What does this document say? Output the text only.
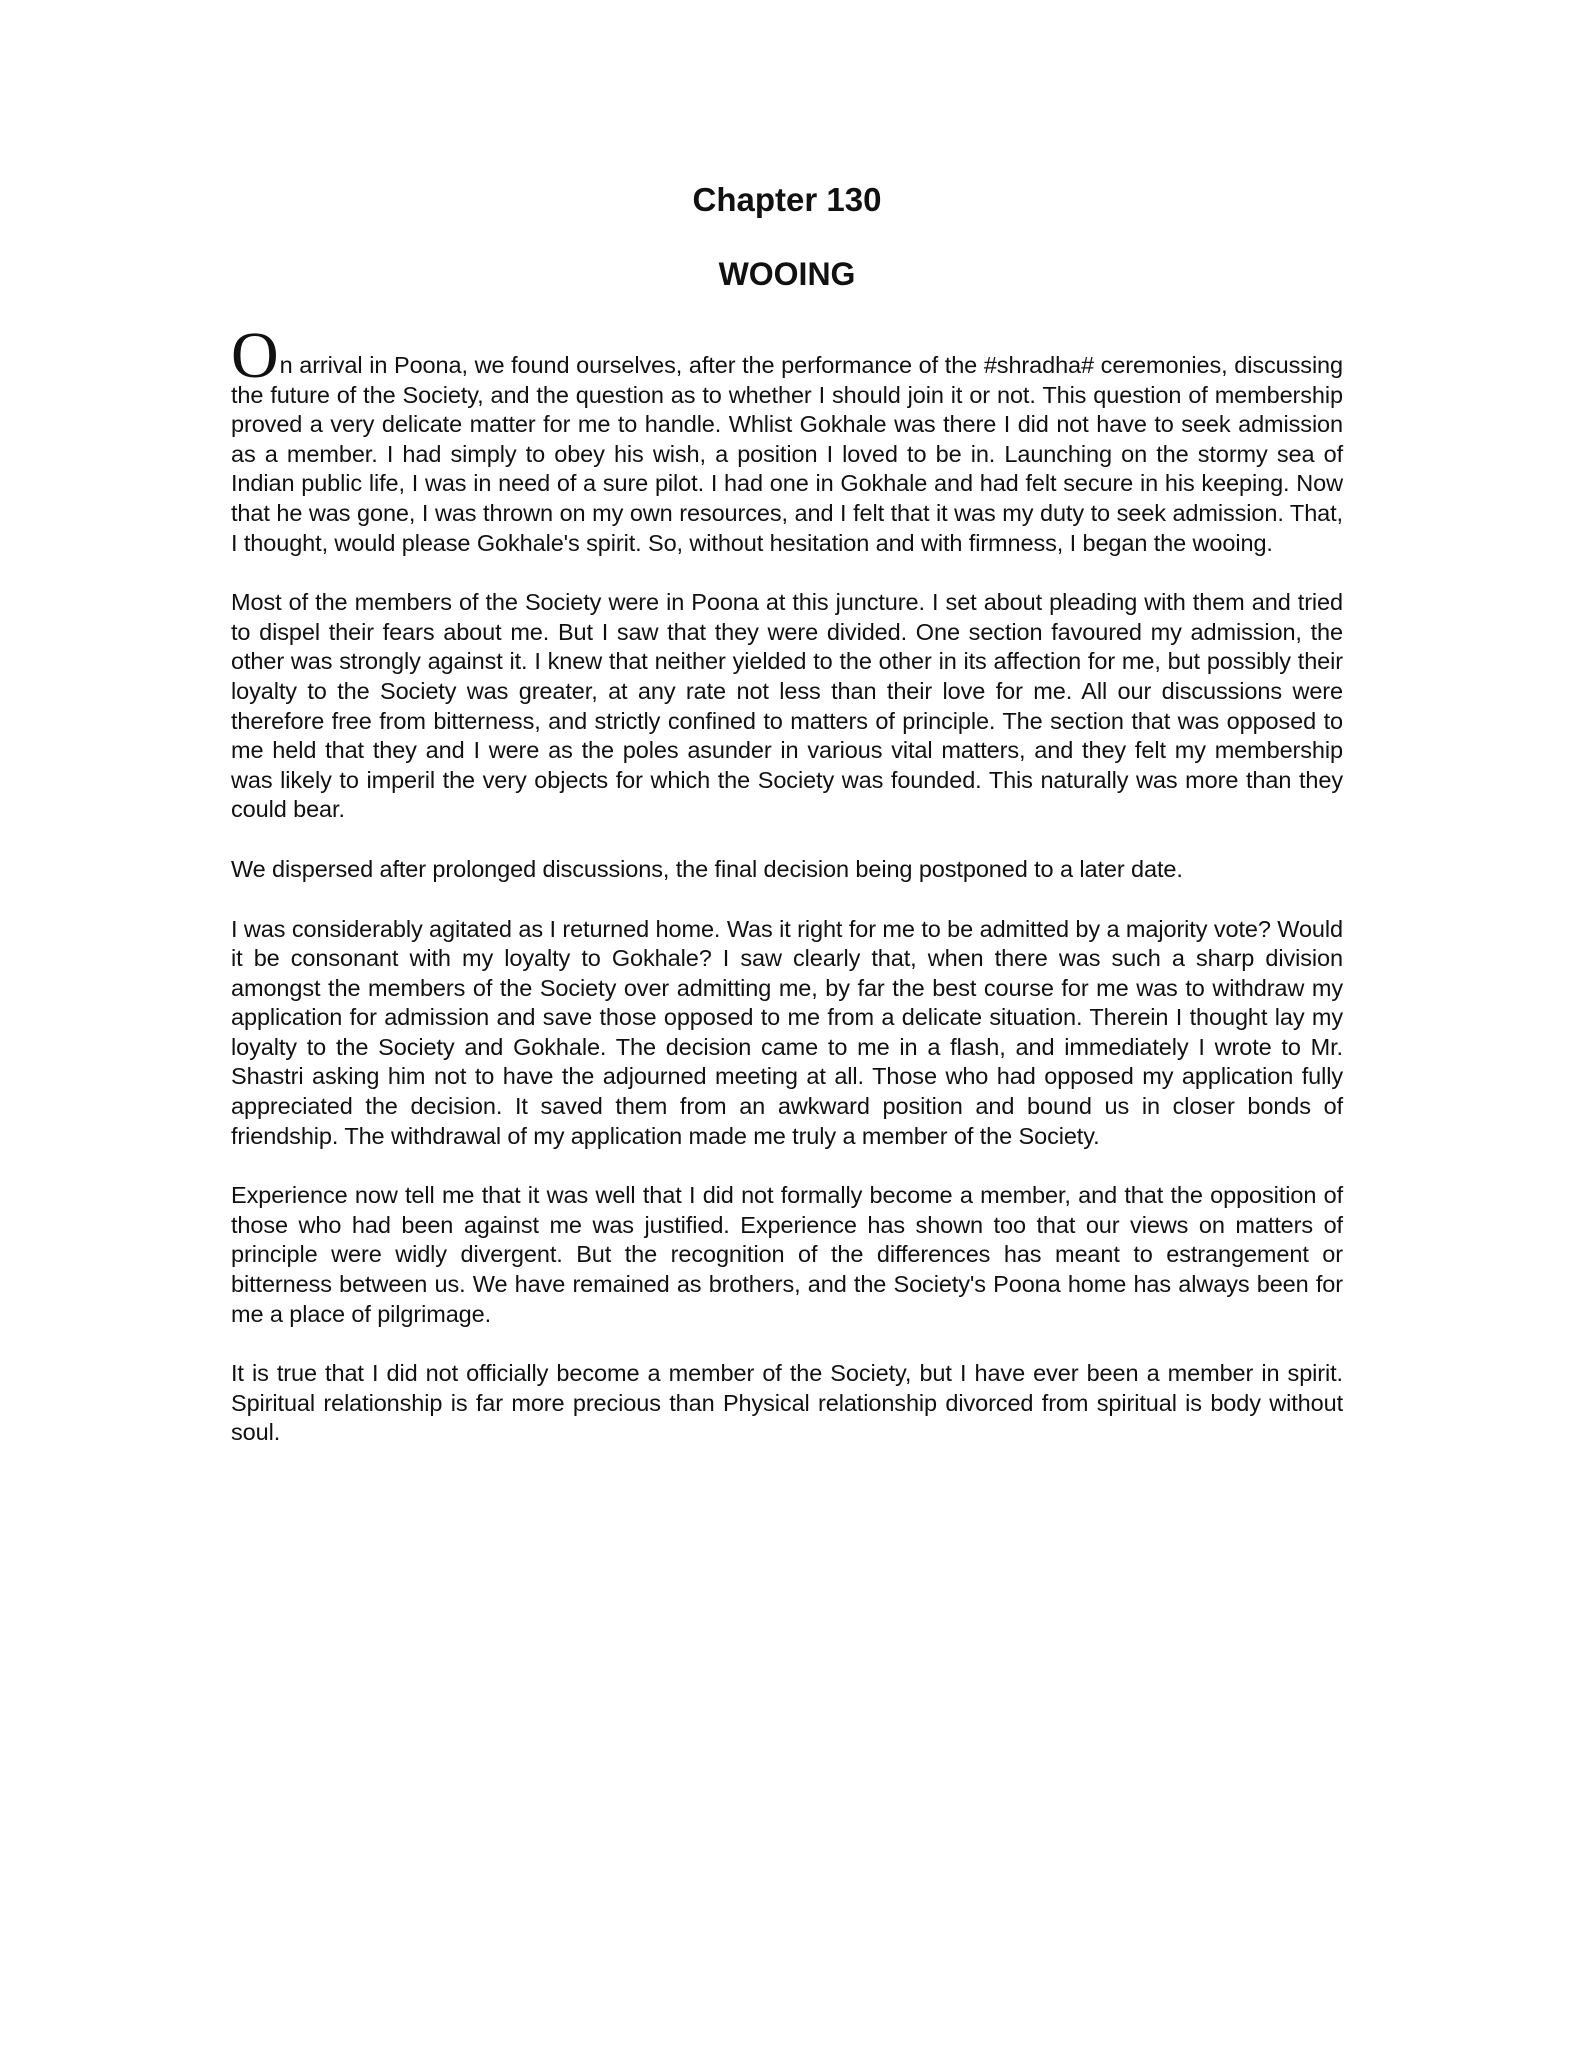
Chapter 130
WOOING

On arrival in Poona, we found ourselves, after the performance of the #shradha# ceremonies, discussing the future of the Society, and the question as to whether I should join it or not. This question of membership proved a very delicate matter for me to handle. Whlist Gokhale was there I did not have to seek admission as a member. I had simply to obey his wish, a position I loved to be in. Launching on the stormy sea of Indian public life, I was in need of a sure pilot. I had one in Gokhale and had felt secure in his keeping. Now that he was gone, I was thrown on my own resources, and I felt that it was my duty to seek admission. That, I thought, would please Gokhale's spirit. So, without hesitation and with firmness, I began the wooing.

Most of the members of the Society were in Poona at this juncture. I set about pleading with them and tried to dispel their fears about me. But I saw that they were divided. One section favoured my admission, the other was strongly against it. I knew that neither yielded to the other in its affection for me, but possibly their loyalty to the Society was greater, at any rate not less than their love for me. All our discussions were therefore free from bitterness, and strictly confined to matters of principle. The section that was opposed to me held that they and I were as the poles asunder in various vital matters, and they felt my membership was likely to imperil the very objects for which the Society was founded. This naturally was more than they could bear.

We dispersed after prolonged discussions, the final decision being postponed to a later date.

I was considerably agitated as I returned home. Was it right for me to be admitted by a majority vote? Would it be consonant with my loyalty to Gokhale? I saw clearly that, when there was such a sharp division amongst the members of the Society over admitting me, by far the best course for me was to withdraw my application for admission and save those opposed to me from a delicate situation. Therein I thought lay my loyalty to the Society and Gokhale. The decision came to me in a flash, and immediately I wrote to Mr. Shastri asking him not to have the adjourned meeting at all. Those who had opposed my application fully appreciated the decision. It saved them from an awkward position and bound us in closer bonds of friendship. The withdrawal of my application made me truly a member of the Society.

Experience now tell me that it was well that I did not formally become a member, and that the opposition of those who had been against me was justified. Experience has shown too that our views on matters of principle were widly divergent. But the recognition of the differences has meant to estrangement or bitterness between us. We have remained as brothers, and the Society's Poona home has always been for me a place of pilgrimage.

It is true that I did not officially become a member of the Society, but I have ever been a member in spirit. Spiritual relationship is far more precious than Physical relationship divorced from spiritual is body without soul.
